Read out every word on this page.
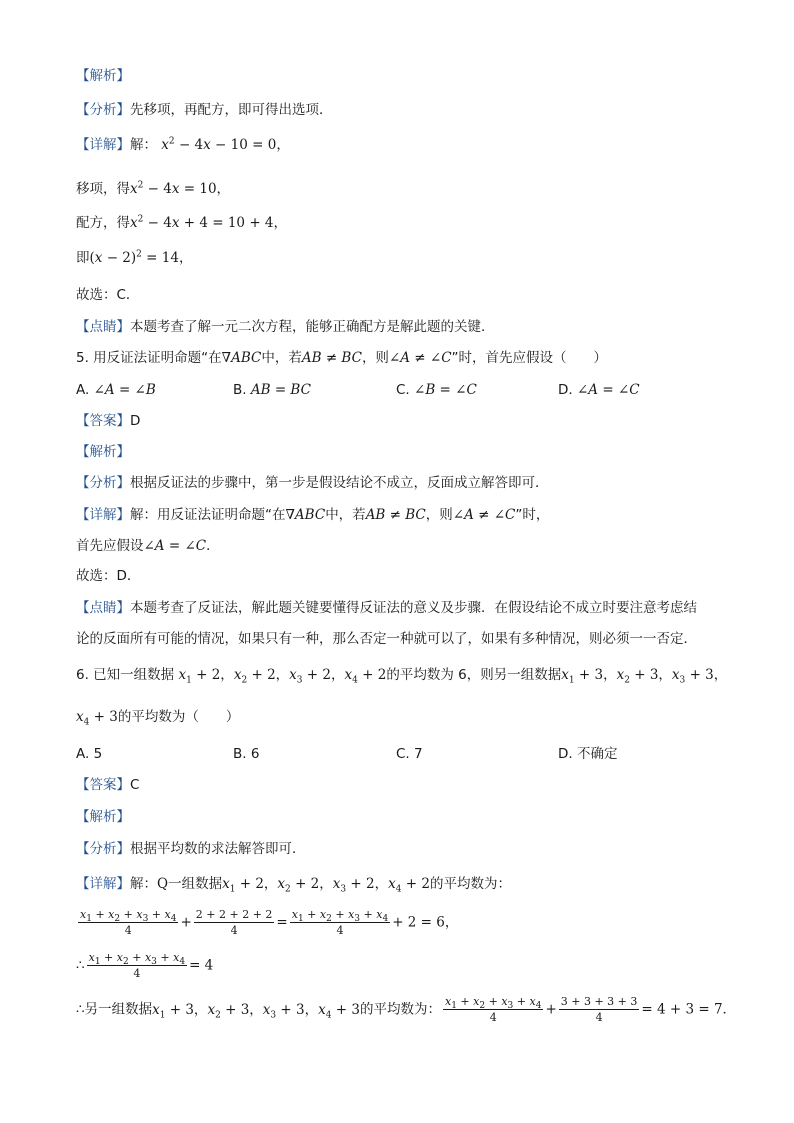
【解析】
【分析】先移项，再配方，即可得出选项．
【详解】解： $x^2 - 4x - 10 = 0$，
移项，得$x^2 - 4x = 10$，
配方，得$x^2 - 4x + 4 = 10 + 4$，
即$(x - 2)^2 = 14$，
故选：C．
【点睛】本题考查了解一元二次方程，能够正确配方是解此题的关键．
5. 用反证法证明命题“在∇ABC中，若AB ≠ BC，则∠A ≠ ∠C”时，首先应假设（　　）
A. ∠A = ∠B	B. AB = BC	C. ∠B = ∠C	D. ∠A = ∠C
【答案】D
【解析】
【分析】根据反证法的步骤中，第一步是假设结论不成立，反面成立解答即可．
【详解】解：用反证法证明命题“在∇ABC中，若AB ≠ BC，则∠A ≠ ∠C”时，
首先应假设∠A = ∠C．
故选：D．
【点睛】本题考查了反证法，解此题关键要懂得反证法的意义及步骤．在假设结论不成立时要注意考虑结
论的反面所有可能的情况，如果只有一种，那么否定一种就可以了，如果有多种情况，则必须一一否定．
6. 已知一组数据 $x_1 + 2$，$x_2 + 2$，$x_3 + 2$，$x_4 + 2$的平均数为 6，则另一组数据$x_1 + 3$，$x_2 + 3$，$x_3 + 3$，
$x_4 + 3$的平均数为（　　）
A. 5	B. 6	C. 7	D. 不确定
【答案】C
【解析】
【分析】根据平均数的求法解答即可．
【详解】解：Q一组数据$x_1 + 2$，$x_2 + 2$，$x_3 + 2$，$x_4 + 2$的平均数为：
$\frac{x_1 + x_2 + x_3 + x_4}{4} + \frac{2 + 2 + 2 + 2}{4} = \frac{x_1 + x_2 + x_3 + x_4}{4} + 2 = 6$，
∴ $\frac{x_1 + x_2 + x_3 + x_4}{4} = 4$
∴另一组数据$x_1 + 3$，$x_2 + 3$，$x_3 + 3$，$x_4 + 3$的平均数为： $\frac{x_1 + x_2 + x_3 + x_4}{4} + \frac{3 + 3 + 3 + 3}{4} = 4 + 3 = 7$．
